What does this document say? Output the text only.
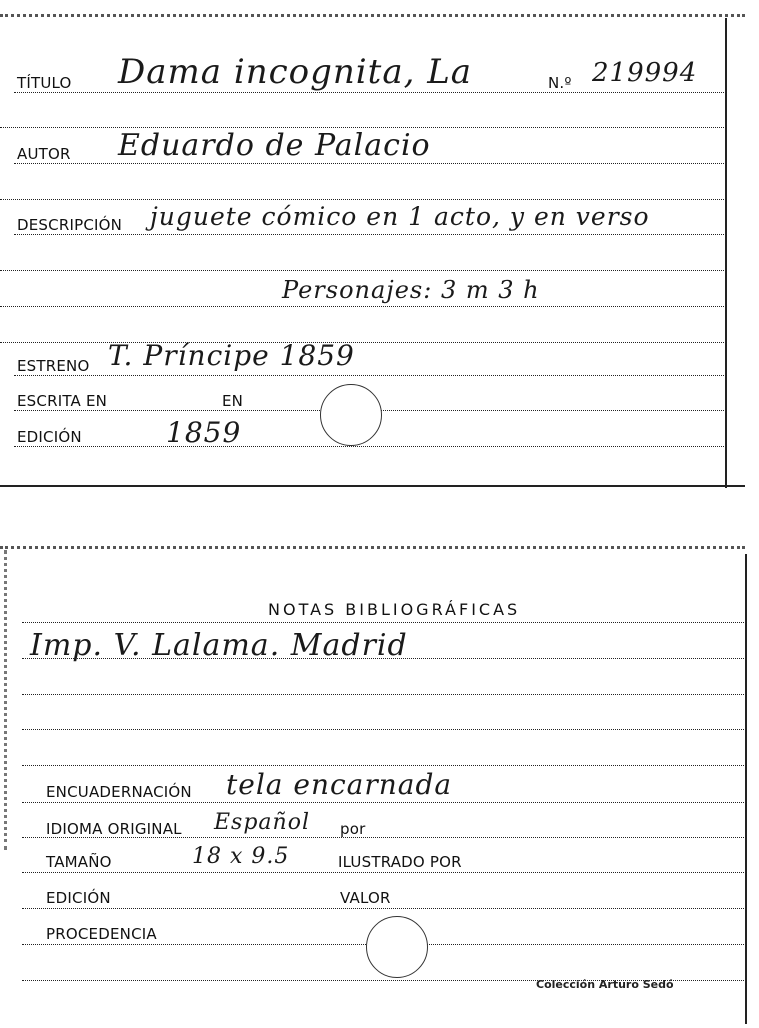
TÍTULO Dama incognita, La	N.º 219994
AUTOR Eduardo de Palacio
DESCRIPCIÓN juguete cómico en 1 acto, y en verso
Personajes: 3 m 3 h
ESTRENO T. Príncipe 1859
ESCRITA EN	EN
EDICIÓN	1859
NOTAS BIBLIOGRÁFICAS
Imp. V. Lalama. Madrid
ENCUADERNACIÓN tela encarnada
IDIOMA ORIGINAL Español por
TAMAÑO	18 x 9.5	ILUSTRADO POR
EDICIÓN	VALOR
PROCEDENCIA
Colección Arturo Sedó
